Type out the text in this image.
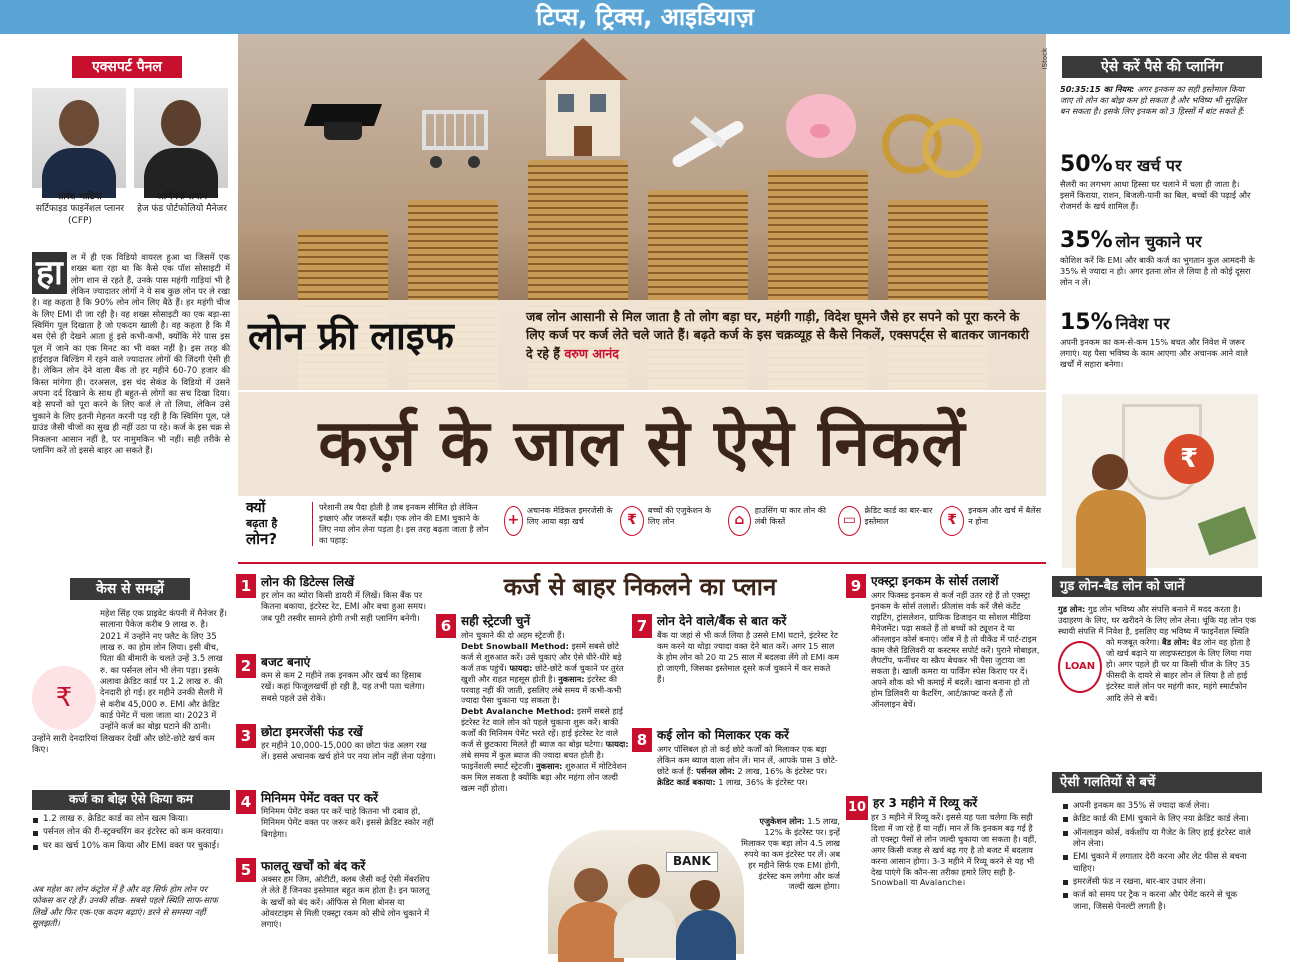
टिप्स, ट्रिक्स, आइडियाज़
एक्सपर्ट पैनल
तारेश भाटिया
सर्टिफाइड फाइनेंशल प्लानर (CFP)
अभिषेक सचान
हेज फंड पोर्टफोलियो मैनेजर
हा ल में ही एक विडियो वायरल हुआ था जिसमें एक शख्स बता रहा था कि कैसे एक पॉश सोसाइटी में लोग शान से रहते हैं, उनके पास महंगी गाड़ियां भी है लेकिन ज्यादातर लोगों ने ये सब कुछ लोन पर ले रखा है। वह कहता है कि 90% लोन लोन लिए बैठे हैं। हर महंगी चीज के लिए EMI दी जा रही है। वह शख्स सोसाइटी का एक बड़ा-सा स्विमिंग पूल दिखाता है जो एकदम खाली है। वह कहता है कि मैं बस ऐसे ही देखने आता हूं इसे कभी-कभी, क्योंकि मेरे पास इस पूल में जाने का एक मिनट का भी वक्त नहीं है। इस तरह की हाईराइज बिल्डिंग में रहने वाले ज्यादातर लोगों की जिंदगी ऐसी ही है। लेकिन लोन देने वाला बैंक तो हर महीने 60-70 हजार की किस्त मांगेगा ही। दरअसल, इस चंद सेकंड के विडियो में उसने अपना दर्द दिखाने के साथ ही बहुत-से लोगों का सच दिखा दिया। बड़े सपनों को पूरा करने के लिए कर्ज ले तो लिया, लेकिन उसे चुकाने के लिए इतनी मेहनत करनी पड़ रही है कि स्विमिंग पूल, प्ले ग्राउंड जैसी चीजों का सुख ही नहीं उठा पा रहे। कर्ज के इस चक्र से निकलना आसान नहीं है, पर नामुमकिन भी नहीं। सही तरीके से प्लानिंग करें तो इससे बाहर आ सकते हैं।
केस से समझें
₹
महेश सिंह एक प्राइवेट कंपनी में मैनेजर हैं। सालाना पैकेज करीब 9 लाख रु. है। 2021 में उन्होंने नए फ्लैट के लिए 35 लाख रु. का होम लोन लिया। इसी बीच, पिता की बीमारी के चलते उन्हें 3.5 लाख रु. का पर्सनल लोन भी लेना पड़ा। इसके अलावा क्रेडिट कार्ड पर 1.2 लाख रु. की देनदारी हो गई। हर महीने उनकी सैलरी में से करीब 45,000 रु. EMI और क्रेडिट कार्ड पेमेंट में चला जाता था। 2023 में उन्होंने कर्ज का बोझ घटाने की ठानी। उन्होंने सारी देनदारियां लिखकर देखीं और छोटे-छोटे खर्च कम किए।
कर्ज का बोझ ऐसे किया कम
1.2 लाख रु. क्रेडिट कार्ड का लोन खत्म किया।
पर्सनल लोन की री-स्ट्रक्चरिंग कर इंटरेस्ट को कम करवाया।
घर का खर्च 10% कम किया और EMI वक्त पर चुकाई।
अब महेश का लोन कंट्रोल में है और वह सिर्फ होम लोन पर फोकस कर रहे हैं। उनकी सीख- सबसे पहले स्थिति साफ-साफ लिखें और फिर एक-एक कदम बढ़ाएं। डरने से समस्या नहीं सुलझती।
iStock
लोन फ्री लाइफ	जब लोन आसानी से मिल जाता है तो लोग बड़ा घर, महंगी गाड़ी, विदेश घूमने जैसे हर सपने को पूरा करने के लिए कर्ज पर कर्ज लेते चले जाते हैं। बढ़ते कर्ज के इस चक्रव्यूह से कैसे निकलें, एक्सपर्ट्स से बातकर जानकारी दे रहे हैं वरुण आनंद
कर्ज़ के जाल से ऐसे निकलें
क्यों
बढ़ता है
लोन?
परेशानी तब पैदा होती है जब इनकम सीमित हो लेकिन इच्छाएं और जरूरतें बढ़ी। एक लोन की EMI चुकाने के लिए नया लोन लेना पड़ता है। इस तरह बढ़ता जाता है लोन का पहाड़:
+
अचानक मेडिकल इमरजेंसी के लिए आया बड़ा खर्च	₹
बच्चों की एजुकेशन के लिए लोन	⌂
हाउसिंग या कार लोन की लंबी किस्तें	▭
क्रेडिट कार्ड का बार-बार इस्तेमाल	₹
इनकम और खर्च में बैलेंस न होना
कर्ज से बाहर निकलने का प्लान
1 लोन की डिटेल्स लिखें
हर लोन का ब्योरा किसी डायरी में लिखें। किस बैंक पर कितना बकाया, इंटरेस्ट रेट, EMI और बचा हुआ समय। जब पूरी तस्वीर सामने होगी तभी सही प्लानिंग बनेगी।
2 बजट बनाएं
कम से कम 2 महीने तक इनकम और खर्च का हिसाब रखें। कहां फिजूलखर्ची हो रही है, यह तभी पता चलेगा। सबसे पहले उसे रोकें।
3 छोटा इमरजेंसी फंड रखें
हर महीने 10,000-15,000 का छोटा फंड अलग रख लें। इससे अचानक खर्च होने पर नया लोन नहीं लेना पड़ेगा।
4 मिनिमम पेमेंट वक्त पर करें
मिनिमम पेमेंट वक्त पर करें चाहे कितना भी दबाव हो, मिनिमम पेमेंट वक्त पर जरूर करें। इससे क्रेडिट स्कोर नहीं बिगड़ेगा।
5 फालतू खर्चों को बंद करें
अक्सर हम जिम, ओटीटी, क्लब जैसी कई ऐसी मेंबरशिप ले लेते हैं जिनका इस्तेमाल बहुत कम होता है। इन फालतू के खर्चों को बंद करें। ऑफिस से मिला बोनस या ओवरटाइम से मिली एक्स्ट्रा रकम को सीधे लोन चुकाने में लगाएं।
6 सही स्ट्रेटजी चुनें
लोन चुकाने की दो अहम स्ट्रेटजी हैं।
Debt Snowball Method: इसमें सबसे छोटे कर्ज से शुरुआत करें। उसे चुकाएं और ऐसे धीरे-धीरे बड़े कर्ज तक पहुंचें। फायदा: छोटे-छोटे कर्ज चुकाने पर तुरंत खुशी और राहत महसूस होती है। नुकसान: इंटरेस्ट की परवाह नहीं की जाती, इसलिए लंबे समय में कभी-कभी ज्यादा पैसा चुकाना पड़ सकता है।
Debt Avalanche Method: इसमें सबसे हाई इंटरेस्ट रेट वाले लोन को पहले चुकाना शुरू करें। बाकी कर्जों की मिनिमम पेमेंट भरते रहें। हाई इंटरेस्ट रेट वाले कर्ज से छुटकारा मिलते ही ब्याज का बोझ घटेगा। फायदा: लंबे समय में कुल ब्याज की ज्यादा बचत होती है। फाइनेंशली स्मार्ट स्ट्रेटजी। नुकसान: शुरुआत में मोटिवेशन कम मिल सकता है क्योंकि बड़ा और महंगा लोन जल्दी खत्म नहीं होता।
7 लोन देने वाले/बैंक से बात करें
बैंक या जहां से भी कर्ज लिया है उससे EMI घटाने, इंटरेस्ट रेट कम करने या थोड़ा ज्यादा वक्त देने बात करें। अगर 15 साल के होम लोन को 20 या 25 साल में बदलवा लेंगे तो EMI कम हो जाएगी, जिसका इस्तेमाल दूसरे कर्ज चुकाने में कर सकते हैं।
8 कई लोन को मिलाकर एक करें
अगर पॉसिबल हो तो कई छोटे कर्जों को मिलाकर एक बड़ा लेकिन कम ब्याज वाला लोन लें। मान लें, आपके पास 3 छोटे-छोटे कर्ज हैं: पर्सनल लोन: 2 लाख, 16% के इंटरेस्ट पर। क्रेडिट कार्ड बकाया: 1 लाख, 36% के इंटरेस्ट पर।
एजुकेशन लोन: 1.5 लाख, 12% के इंटरेस्ट पर। इन्हें मिलाकर एक बड़ा लोन 4.5 लाख रुपये का कम इंटरेस्ट पर लें। अब हर महीने सिर्फ एक EMI होगी, इंटरेस्ट कम लगेगा और कर्ज जल्दी खत्म होगा।
BANK
9 एक्स्ट्रा इनकम के सोर्स तलाशें
अगर फिक्स्ड इनकम से कर्ज नहीं उतर रहे हैं तो एक्स्ट्रा इनकम के सोर्स तलाशें। फ्रीलांस वर्क करें जैसे कंटेंट राइटिंग, ट्रांसलेशन, ग्राफिक डिजाइन या सोशल मीडिया मैनेजमेंट। पढ़ा सकते हैं तो बच्चों को ट्यूशन दे या ऑनलाइन कोर्स बनाएं। जॉब में है तो वीकेंड में पार्ट-टाइम काम जैसे डिलिवरी या कस्टमर सपोर्ट करें। पुराने मोबाइल, लैपटॉप, फर्नीचर या स्क्रैप बेचकर भी पैसा जुटाया जा सकता है। खाली कमरा या पार्किंग स्पेस किराए पर दें। अपने शौक को भी कमाई में बदलें। खाना बनाना हो तो होम डिलिवरी या कैटरिंग, आर्ट/क्राफ्ट करते हैं तो ऑनलाइन बेचें।
10 हर 3 महीने में रिव्यू करें
हर 3 महीने में रिव्यू करें। इससे यह पता चलेगा कि सही दिशा में जा रहे हैं या नहीं। मान लें कि इनकम बढ़ गई है तो एक्स्ट्रा पैसों से लोन जल्दी चुकाया जा सकता है। वहीं, अगर किसी वजह से खर्च बढ़ गए है तो बजट में बदलाव करना आसान होगा। 3-3 महीने में रिव्यू करने से यह भी देख पाएंगे कि कौन-सा तरीका हमारे लिए सही है- Snowball या Avalanche।
ऐसे करें पैसे की प्लानिंग
50:35:15 का नियम: अगर इनकम का सही इस्तेमाल किया जाए तो लोन का बोझ कम हो सकता है और भविष्य भी सुरक्षित बन सकता है। इसके लिए इनकम को 3 हिस्सों में बांट सकते हैं:
50% घर खर्च पर
सैलरी का लगभग आधा हिस्सा घर चलाने में चला ही जाता है। इसमें किराया, राशन, बिजली-पानी का बिल, बच्चों की पढ़ाई और रोजमर्रा के खर्च शामिल हैं।
35% लोन चुकाने पर
कोशिश करें कि EMI और बाकी कर्ज का भुगतान कुल आमदनी के 35% से ज्यादा न हो। अगर इतना लोन ले लिया है तो कोई दूसरा लोन न लें।
15% निवेश पर
अपनी इनकम का कम-से-कम 15% बचत और निवेश में जरूर लगाएं। यह पैसा भविष्य के काम आएगा और अचानक आने वाले खर्चों में सहारा बनेगा।
₹
गुड लोन-बैड लोन को जानें
गुड लोन: गुड लोन भविष्य और संपत्ति बनाने में मदद करता है। उदाहरण के लिए, घर खरीदने के लिए लोन लेना। चूंकि यह लोन एक स्थायी संपत्ति में निवेश है, इसलिए यह भविष्य में फाइनेंशल स्थिति को मजबूत करेगा।
LOAN
बैड लोन: बैड लोन वह होता है जो खर्च बढ़ाने या लाइफस्टाइल के लिए लिया गया हो। अगर पहले ही घर या किसी चीज के लिए 35 फीसदी के दायरे से बाहर लोन ले लिया है तो हाई इंटरेस्ट वाले लोन पर महंगी कार, महंगे स्मार्टफोन आदि लेने से बचें।
ऐसी गलतियों से बचें
अपनी इनकम का 35% से ज्यादा कर्ज लेना।
क्रेडिट कार्ड की EMI चुकाने के लिए नया क्रेडिट कार्ड लेना।
ऑनलाइन कोर्स, वर्कशॉप या गैजेट के लिए हाई इंटरेस्ट वाले लोन लेना।
EMI चुकाने में लगातार देरी करना और लेट फीस से बचना चाहिए।
इमरजेंसी फंड न रखना, बार-बार उधार लेना।
कर्ज को समय पर ट्रैक न करना और पेमेंट करने से चूक जाना, जिससे पेनल्टी लगती है।
